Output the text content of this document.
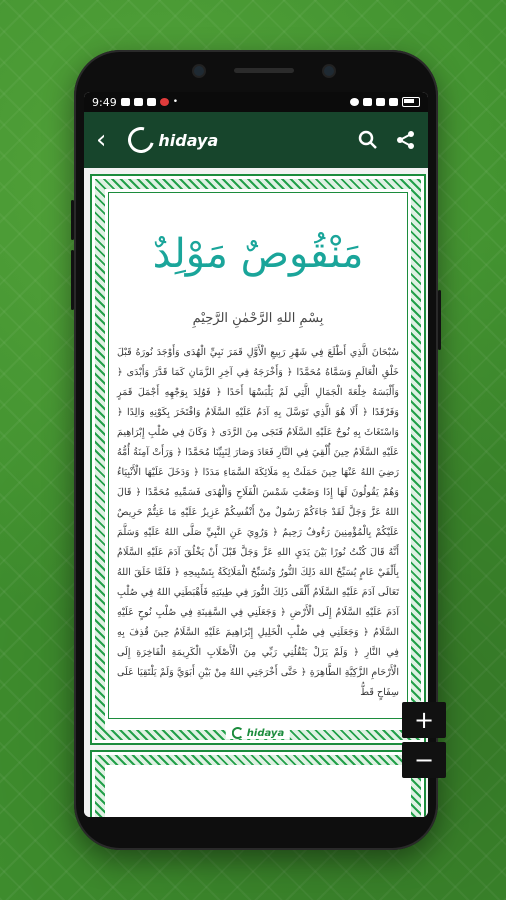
9:49	•
‹	hidaya
مَنْقُوصٌ مَوْلِدٌ
بِسْمِ اللهِ الرَّحْمٰنِ الرَّحِيْمِ
سُبْحَانَ الَّذِي أَطْلَعَ فِي شَهْرِ رَبِيعِ الْأَوَّلِ قَمَرَ نَبِيِّ الْهُدَى وَأَوْجَدَ نُورَهُ قَبْلَ خَلْقِ الْعَالَمِ وَسَمَّاهُ مُحَمَّدًا ﴿ وَأَخْرَجَهُ فِي آخِرِ الزَّمَانِ كَمَا قَدَّرَ وَأَبْدَى ﴿ وَأَلْبَسَهُ خِلْعَةَ الْجَمَالِ الَّتِي لَمْ يَلْبَسْهَا أَحَدًا ﴿ فَوُلِدَ بِوَجْهِهِ أَجْمَلَ قَمَرٍ وَفَرْقَدًا ﴿ أَلَا هُوَ الَّذِي تَوَسَّلَ بِهِ آدَمُ عَلَيْهِ السَّلَامُ وَافْتَخَرَ بِكَوْنِهِ وَالِدًا ﴿ وَاسْتَغَاثَ بِهِ نُوحٌ عَلَيْهِ السَّلَامُ فَنَجَى مِنَ الرَّدَى ﴿ وَكَانَ فِي صُلْبِ إِبْرَاهِيمَ عَلَيْهِ السَّلَامُ حِينَ أُلْقِيَ فِي النَّارِ فَعَادَ وَصَارَ لِنَبِيِّنَا مُحَمَّدًا ﴿ وَرَأَتْ آمِنَةُ أُمُّهُ رَضِيَ اللهُ عَنْهَا حِينَ حَمَلَتْ بِهِ مَلَائِكَةَ السَّمَاءِ مَدَدًا ﴿ وَدَخَلَ عَلَيْهَا الْأَنْبِيَاءُ وَهُمْ يَقُولُونَ لَهَا إِذَا وَضَعْتِ شَمْسَ الْفَلَاحِ وَالْهُدَى فَسَمِّيهِ مُحَمَّدًا ﴿ قَالَ اللهُ عَزَّ وَجَلَّ لَقَدْ جَاءَكُمْ رَسُولٌ مِنْ أَنْفُسِكُمْ عَزِيزٌ عَلَيْهِ مَا عَنِتُّمْ حَرِيصٌ عَلَيْكُمْ بِالْمُؤْمِنِينَ رَءُوفٌ رَحِيمٌ ﴿ وَرُوِيَ عَنِ النَّبِيِّ صَلَّى اللهُ عَلَيْهِ وَسَلَّمَ أَنَّهُ قَالَ كُنْتُ نُورًا بَيْنَ يَدَيِ اللهِ عَزَّ وَجَلَّ قَبْلَ أَنْ يَخْلُقَ آدَمَ عَلَيْهِ السَّلَامُ بِأَلْفَيْ عَامٍ يُسَبِّحُ اللهَ ذَلِكَ النُّورُ وَتُسَبِّحُ الْمَلَائِكَةُ بِتَسْبِيحِهِ ﴿ فَلَمَّا خَلَقَ اللهُ تَعَالَى آدَمَ عَلَيْهِ السَّلَامُ أَلْقَى ذَلِكَ النُّورَ فِي طِينَتِهِ فَأَهْبَطَنِي اللهُ فِي صُلْبِ آدَمَ عَلَيْهِ السَّلَامُ إِلَى الْأَرْضِ ﴿ وَجَعَلَنِي فِي السَّفِينَةِ فِي صُلْبِ نُوحٍ عَلَيْهِ السَّلَامُ ﴿ وَجَعَلَنِي فِي صُلْبِ الْخَلِيلِ إِبْرَاهِيمَ عَلَيْهِ السَّلَامُ حِينَ قُذِفَ بِهِ فِي النَّارِ ﴿ وَلَمْ يَزَلْ يَنْقُلُنِي رَبِّي مِنَ الْأَصْلَابِ الْكَرِيمَةِ الْفَاخِرَةِ إِلَى الْأَرْحَامِ الزَّكِيَّةِ الطَّاهِرَةِ ﴿ حَتَّى أَخْرَجَنِي اللهُ مِنْ بَيْنِ أَبَوَيَّ وَلَمْ يَلْتَقِيَا عَلَى سِفَاحٍ قَطُّ
hidaya	+
−
